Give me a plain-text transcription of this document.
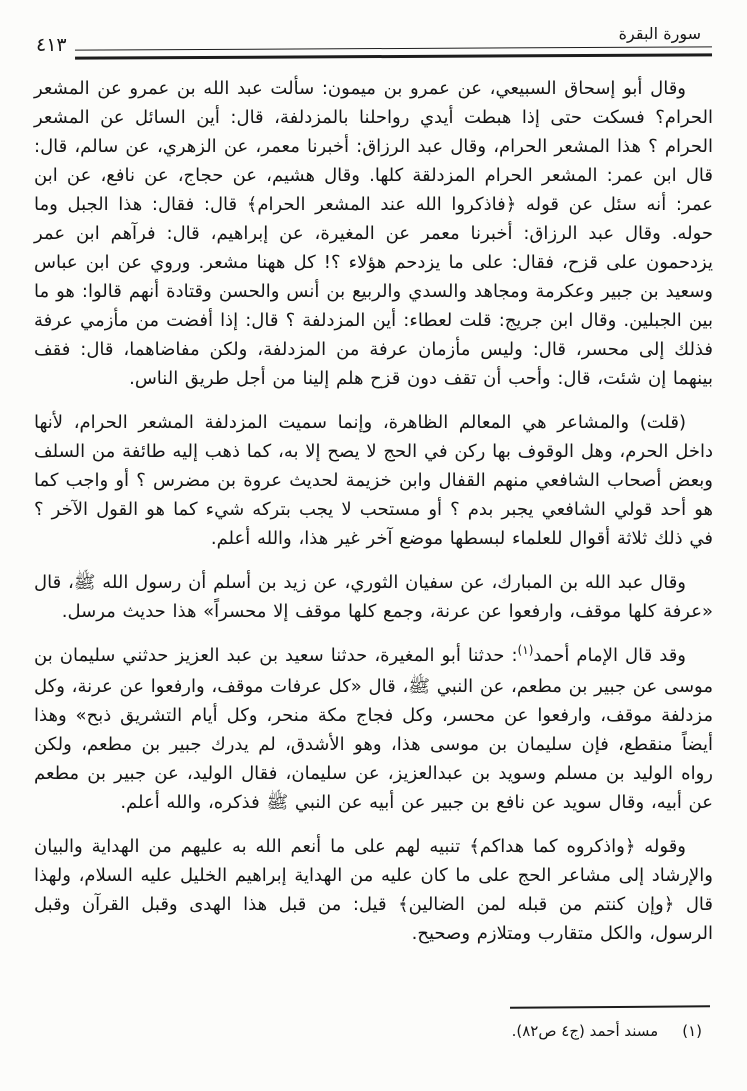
سورة البقرة
٤١٣

وقال أبو إسحاق السبيعي، عن عمرو بن ميمون: سألت عبد الله بن عمرو عن المشعر الحرام؟ فسكت حتى إذا هبطت أيدي رواحلنا بالمزدلفة، قال: أين السائل عن المشعر الحرام ؟ هذا المشعر الحرام، وقال عبد الرزاق: أخبرنا معمر، عن الزهري، عن سالم، قال: قال ابن عمر: المشعر الحرام المزدلقة كلها. وقال هشيم، عن حجاج، عن نافع، عن ابن عمر: أنه سئل عن قوله ﴿فاذكروا الله عند المشعر الحرام﴾ قال: فقال: هذا الجبل وما حوله. وقال عبد الرزاق: أخبرنا معمر عن المغيرة، عن إبراهيم، قال: فرآهم ابن عمر يزدحمون على قزح، فقال: على ما يزدحم هؤلاء ؟! كل ههنا مشعر. وروي عن ابن عباس وسعيد بن جبير وعكرمة ومجاهد والسدي والربيع بن أنس والحسن وقتادة أنهم قالوا: هو ما بين الجبلين. وقال ابن جريج: قلت لعطاء: أين المزدلفة ؟ قال: إذا أفضت من مأزمي عرفة فذلك إلى محسر، قال: وليس مأزمان عرفة من المزدلفة، ولكن مفاضاهما، قال: فقف بينهما إن شئت، قال: وأحب أن تقف دون قزح هلم إلينا من أجل طريق الناس.

(قلت) والمشاعر هي المعالم الظاهرة، وإنما سميت المزدلفة المشعر الحرام، لأنها داخل الحرم، وهل الوقوف بها ركن في الحج لا يصح إلا به، كما ذهب إليه طائفة من السلف وبعض أصحاب الشافعي منهم القفال وابن خزيمة لحديث عروة بن مضرس ؟ أو واجب كما هو أحد قولي الشافعي يجبر بدم ؟ أو مستحب لا يجب بتركه شيء كما هو القول الآخر ؟ في ذلك ثلاثة أقوال للعلماء لبسطها موضع آخر غير هذا، والله أعلم.

وقال عبد الله بن المبارك، عن سفيان الثوري، عن زيد بن أسلم أن رسول الله ﷺ، قال «عرفة كلها موقف، وارفعوا عن عرنة، وجمع كلها موقف إلا محسراً» هذا حديث مرسل.

وقد قال الإمام أحمد$^{(١)}$: حدثنا أبو المغيرة، حدثنا سعيد بن عبد العزيز حدثني سليمان بن موسى عن جبير بن مطعم، عن النبي ﷺ، قال «كل عرفات موقف، وارفعوا عن عرنة، وكل مزدلفة موقف، وارفعوا عن محسر، وكل فجاج مكة منحر، وكل أيام التشريق ذبح» وهذا أيضاً منقطع، فإن سليمان بن موسى هذا، وهو الأشدق، لم يدرك جبير بن مطعم، ولكن رواه الوليد بن مسلم وسويد بن عبدالعزيز، عن سليمان، فقال الوليد، عن جبير بن مطعم عن أبيه، وقال سويد عن نافع بن جبير عن أبيه عن النبي ﷺ فذكره، والله أعلم.

وقوله ﴿واذكروه كما هداكم﴾ تنبيه لهم على ما أنعم الله به عليهم من الهداية والبيان والإرشاد إلى مشاعر الحج على ما كان عليه من الهداية إبراهيم الخليل عليه السلام، ولهذا قال ﴿وإن كنتم من قبله لمن الضالين﴾ قيل: من قبل هذا الهدى وقبل القرآن وقبل الرسول، والكل متقارب ومتلازم وصحيح.

(١)مسند أحمد (ج٤ ص٨٢).
